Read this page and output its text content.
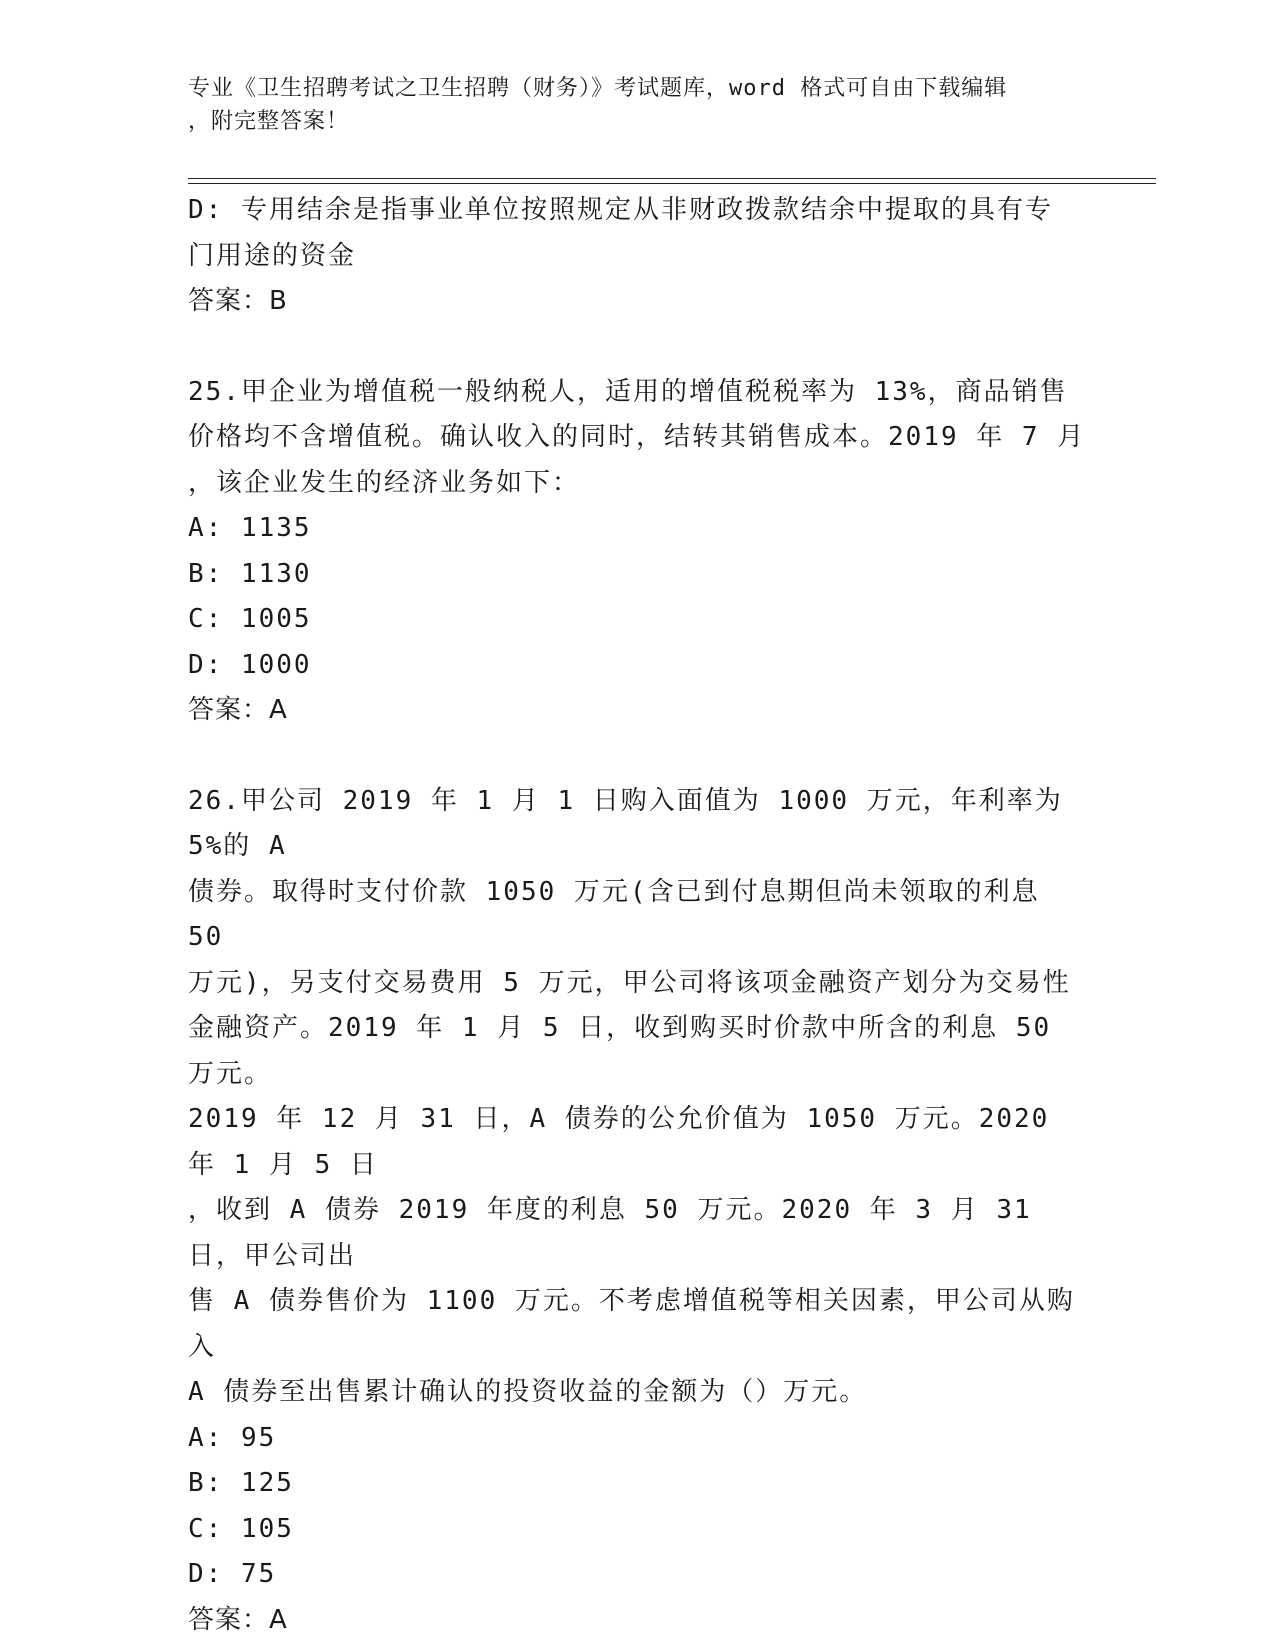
专业《卫生招聘考试之卫生招聘（财务）》考试题库，word 格式可自由下载编辑
，附完整答案！

D: 专用结余是指事业单位按照规定从非财政拨款结余中提取的具有专

门用途的资金

答案：B

25.甲企业为增值税一般纳税人，适用的增值税税率为 13%，商品销售

价格均不含增值税。确认收入的同时，结转其销售成本。2019 年 7 月

，该企业发生的经济业务如下：

A: 1135

B: 1130

C: 1005

D: 1000

答案：A

26.甲公司 2019 年 1 月 1 日购入面值为 1000 万元，年利率为 5%的 A

债券。取得时支付价款 1050 万元(含已到付息期但尚未领取的利息 50

万元)，另支付交易费用 5 万元，甲公司将该项金融资产划分为交易性

金融资产。2019 年 1 月 5 日，收到购买时价款中所含的利息 50 万元。

2019 年 12 月 31 日，A 债券的公允价值为 1050 万元。2020 年 1 月 5 日

，收到 A 债券 2019 年度的利息 50 万元。2020 年 3 月 31 日，甲公司出

售 A 债券售价为 1100 万元。不考虑增值税等相关因素，甲公司从购入

A 债券至出售累计确认的投资收益的金额为（）万元。

A: 95

B: 125

C: 105

D: 75

答案：A
